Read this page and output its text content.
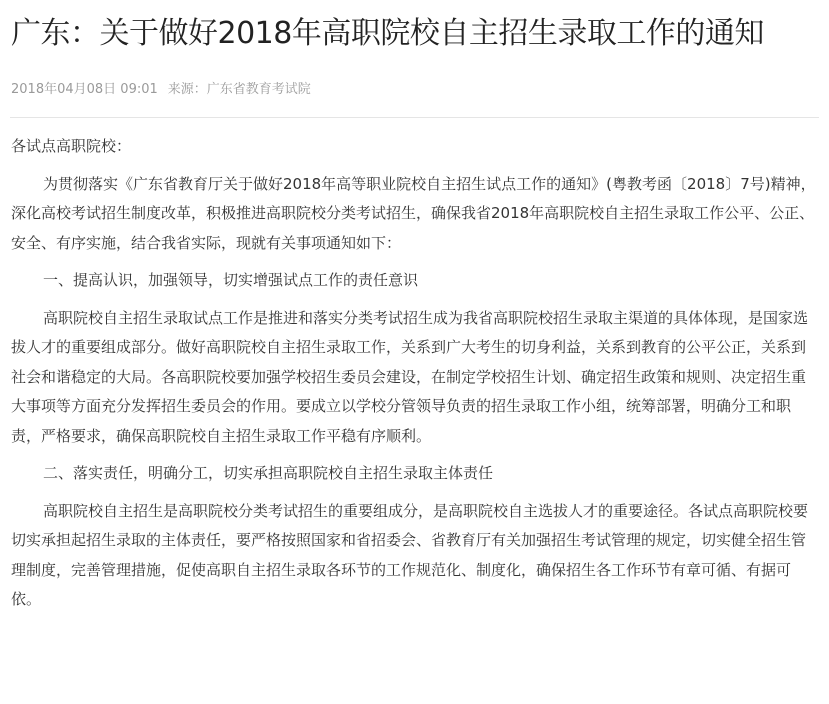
广东：关于做好2018年高职院校自主招生录取工作的通知
2018年04月08日 09:01 来源：广东省教育考试院

各试点高职院校：

为贯彻落实《广东省教育厅关于做好2018年高等职业院校自主招生试点工作的通知》(粤教考函〔2018〕7号)精神，深化高校考试招生制度改革，积极推进高职院校分类考试招生，确保我省2018年高职院校自主招生录取工作公平、公正、安全、有序实施，结合我省实际，现就有关事项通知如下：

一、提高认识，加强领导，切实增强试点工作的责任意识

高职院校自主招生录取试点工作是推进和落实分类考试招生成为我省高职院校招生录取主渠道的具体体现，是国家选拔人才的重要组成部分。做好高职院校自主招生录取工作，关系到广大考生的切身利益，关系到教育的公平公正，关系到社会和谐稳定的大局。各高职院校要加强学校招生委员会建设，在制定学校招生计划、确定招生政策和规则、决定招生重大事项等方面充分发挥招生委员会的作用。要成立以学校分管领导负责的招生录取工作小组，统筹部署，明确分工和职责，严格要求，确保高职院校自主招生录取工作平稳有序顺利。

二、落实责任，明确分工，切实承担高职院校自主招生录取主体责任

高职院校自主招生是高职院校分类考试招生的重要组成分，是高职院校自主选拔人才的重要途径。各试点高职院校要切实承担起招生录取的主体责任，要严格按照国家和省招委会、省教育厅有关加强招生考试管理的规定，切实健全招生管理制度，完善管理措施，促使高职自主招生录取各环节的工作规范化、制度化，确保招生各工作环节有章可循、有据可依。
